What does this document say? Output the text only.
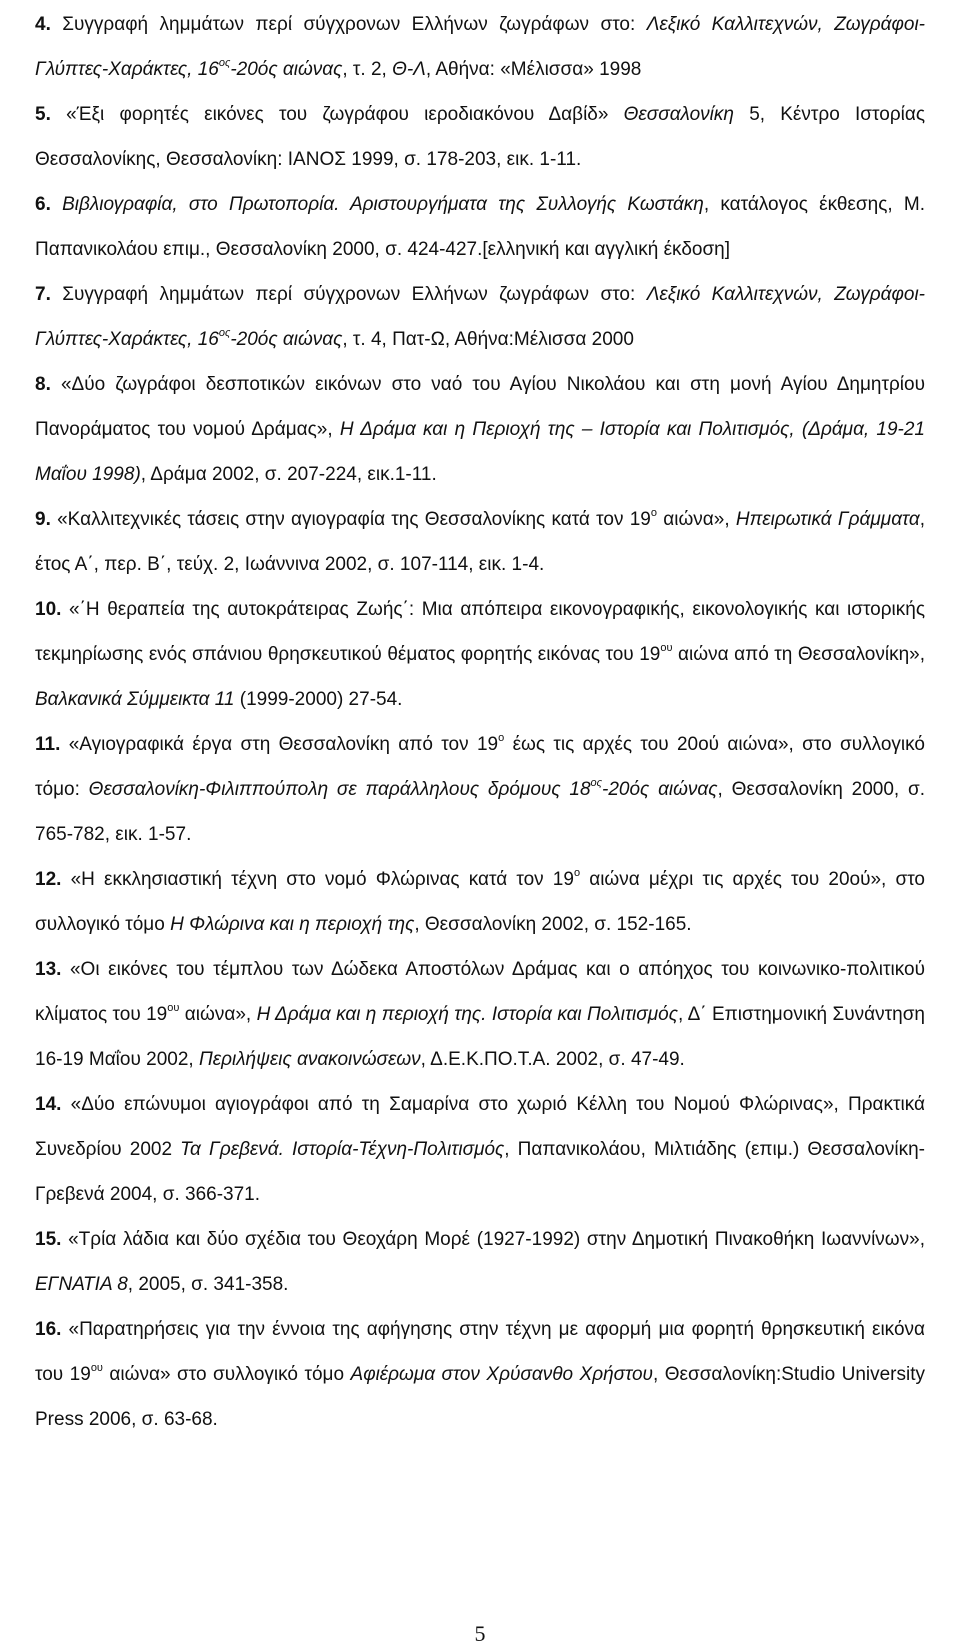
4. Συγγραφή λημμάτων περί σύγχρονων Ελλήνων ζωγράφων στο: Λεξικό Καλλιτεχνών, Ζωγράφοι-Γλύπτες-Χαράκτες, $16^{o\varsigma}-20ό\varsigma$ αιώνας, τ. 2, Θ-Λ, Αθήνα: «Μέλισσα» 1998

5. «Έξι φορητές εικόνες του ζωγράφου ιεροδιακόνου Δαβίδ» Θεσσαλονίκη 5, Κέντρο Ιστορίας Θεσσαλονίκης, Θεσσαλονίκη: ΙΑΝΟΣ 1999, σ. 178-203, εικ. 1-11.

6. Βιβλιογραφία, στο Πρωτοπορία. Αριστουργήματα της Συλλογής Κωστάκη, κατάλογος έκθεσης, Μ. Παπανικολάου επιμ., Θεσσαλονίκη 2000, σ. 424-427.[ελληνική και αγγλική έκδοση]

7. Συγγραφή λημμάτων περί σύγχρονων Ελλήνων ζωγράφων στο: Λεξικό Καλλιτεχνών, Ζωγράφοι-Γλύπτες-Χαράκτες, $16^{o\varsigma}-20ό\varsigma$ αιώνας, τ. 4, Πατ-Ω, Αθήνα:Μέλισσα 2000

8. «Δύο ζωγράφοι δεσποτικών εικόνων στο ναό του Αγίου Νικολάου και στη μονή Αγίου Δημητρίου Πανοράματος του νομού Δράμας», Η Δράμα και η Περιοχή της – Ιστορία και Πολιτισμός, (Δράμα, 19-21 Μαΐου 1998), Δράμα 2002, σ. 207-224, εικ.1-11.

9. «Καλλιτεχνικές τάσεις στην αγιογραφία της Θεσσαλονίκης κατά τον $19^o$ αιώνα», Ηπειρωτικά Γράμματα, έτος Α΄, περ. Β΄, τεύχ. 2, Ιωάννινα 2002, σ. 107-114, εικ. 1-4.

10. «΄Η θεραπεία της αυτοκράτειρας Ζωής΄: Μια απόπειρα εικονογραφικής, εικονολογικής και ιστορικής τεκμηρίωσης ενός σπάνιου θρησκευτικού θέματος φορητής εικόνας του $19^{o\upsilon}$ αιώνα από τη Θεσσαλονίκη», Βαλκανικά Σύμμεικτα 11 (1999-2000) 27-54.

11. «Αγιογραφικά έργα στη Θεσσαλονίκη από τον $19^o$ έως τις αρχές του 20ού αιώνα», στο συλλογικό τόμο: Θεσσαλονίκη-Φιλιππούπολη σε παράλληλους δρόμους $18^{o\varsigma}-20ό\varsigma$ αιώνας, Θεσσαλονίκη 2000, σ. 765-782, εικ. 1-57.

12. «Η εκκλησιαστική τέχνη στο νομό Φλώρινας κατά τον $19^o$ αιώνα μέχρι τις αρχές του 20ού», στο συλλογικό τόμο Η Φλώρινα και η περιοχή της, Θεσσαλονίκη 2002, σ. 152-165.

13. «Οι εικόνες του τέμπλου των Δώδεκα Αποστόλων Δράμας και ο απόηχος του κοινωνικο-πολιτικού κλίματος του $19^{o\upsilon}$ αιώνα», Η Δράμα και η περιοχή της. Ιστορία και Πολιτισμός, Δ΄ Επιστημονική Συνάντηση 16-19 Μαΐου 2002, Περιλήψεις ανακοινώσεων, Δ.Ε.Κ.ΠΟ.Τ.Α. 2002, σ. 47-49.

14. «Δύο επώνυμοι αγιογράφοι από τη Σαμαρίνα στο χωριό Κέλλη του Νομού Φλώρινας», Πρακτικά Συνεδρίου 2002 Τα Γρεβενά. Ιστορία-Τέχνη-Πολιτισμός, Παπανικολάου, Μιλτιάδης (επιμ.) Θεσσαλονίκη-Γρεβενά 2004, σ. 366-371.

15. «Τρία λάδια και δύο σχέδια του Θεοχάρη Μορέ (1927-1992) στην Δημοτική Πινακοθήκη Ιωαννίνων», ΕΓΝΑΤΙΑ 8, 2005, σ. 341-358.

16. «Παρατηρήσεις για την έννοια της αφήγησης στην τέχνη με αφορμή μια φορητή θρησκευτική εικόνα του $19^{o\upsilon}$ αιώνα» στο συλλογικό τόμο Αφιέρωμα στον Χρύσανθο Χρήστου, Θεσσαλονίκη:Studio University Press 2006, σ. 63-68.

5
